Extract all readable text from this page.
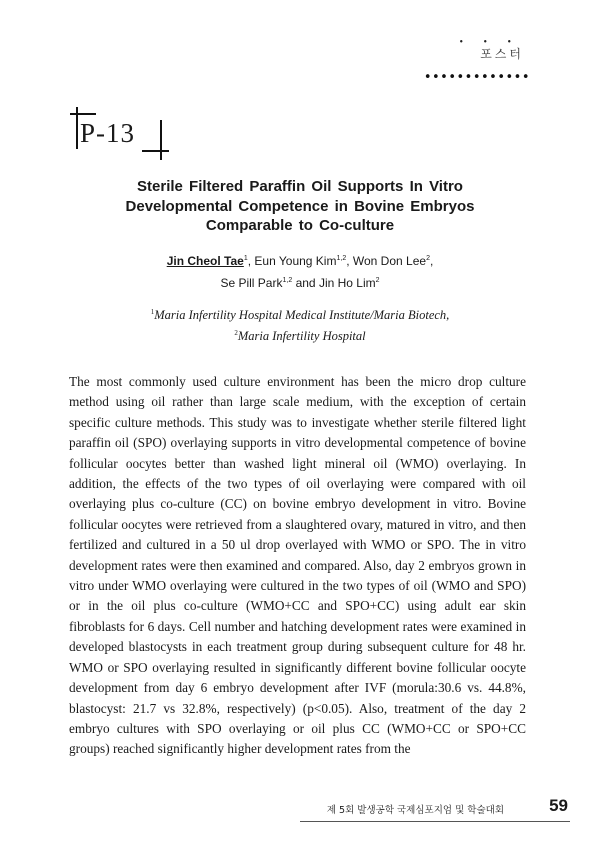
• • •
포스터
•••••••••••••
P-13
Sterile Filtered Paraffin Oil Supports In Vitro
Developmental Competence in Bovine Embryos
Comparable to Co-culture
Jin Cheol Tae$^1$, Eun Young Kim$^{1,2}$, Won Don Lee$^2$,
Se Pill Park$^{1,2}$ and Jin Ho Lim$^2$
$^1$Maria Infertility Hospital Medical Institute/Maria Biotech,
$^2$Maria Infertility Hospital
The most commonly used culture environment has been the micro drop culture method using oil rather than large scale medium, with the exception of certain specific culture methods. This study was to investigate whether sterile filtered light paraffin oil (SPO) overlaying supports in vitro developmental competence of bovine follicular oocytes better than washed light mineral oil (WMO) overlaying. In addition, the effects of the two types of oil overlaying were compared with oil overlaying plus co-culture (CC) on bovine embryo development in vitro. Bovine follicular oocytes were retrieved from a slaughtered ovary, matured in vitro, and then fertilized and cultured in a 50 ul drop overlayed with WMO or SPO. The in vitro development rates were then examined and compared. Also, day 2 embryos grown in vitro under WMO overlaying were cultured in the two types of oil (WMO and SPO) or in the oil plus co-culture (WMO+CC and SPO+CC) using adult ear skin fibroblasts for 6 days. Cell number and hatching development rates were examined in developed blastocysts in each treatment group during subsequent culture for 48 hr. WMO or SPO overlaying resulted in significantly different bovine follicular oocyte development from day 6 embryo development after IVF (morula:30.6 vs. 44.8%, blastocyst: 21.7 vs 32.8%, respectively) (p<0.05). Also, treatment of the day 2 embryo cultures with SPO overlaying or oil plus CC (WMO+CC or SPO+CC groups) reached significantly higher development rates from the
제 5회 발생공학 국제심포지엄 및 학술대회	59
